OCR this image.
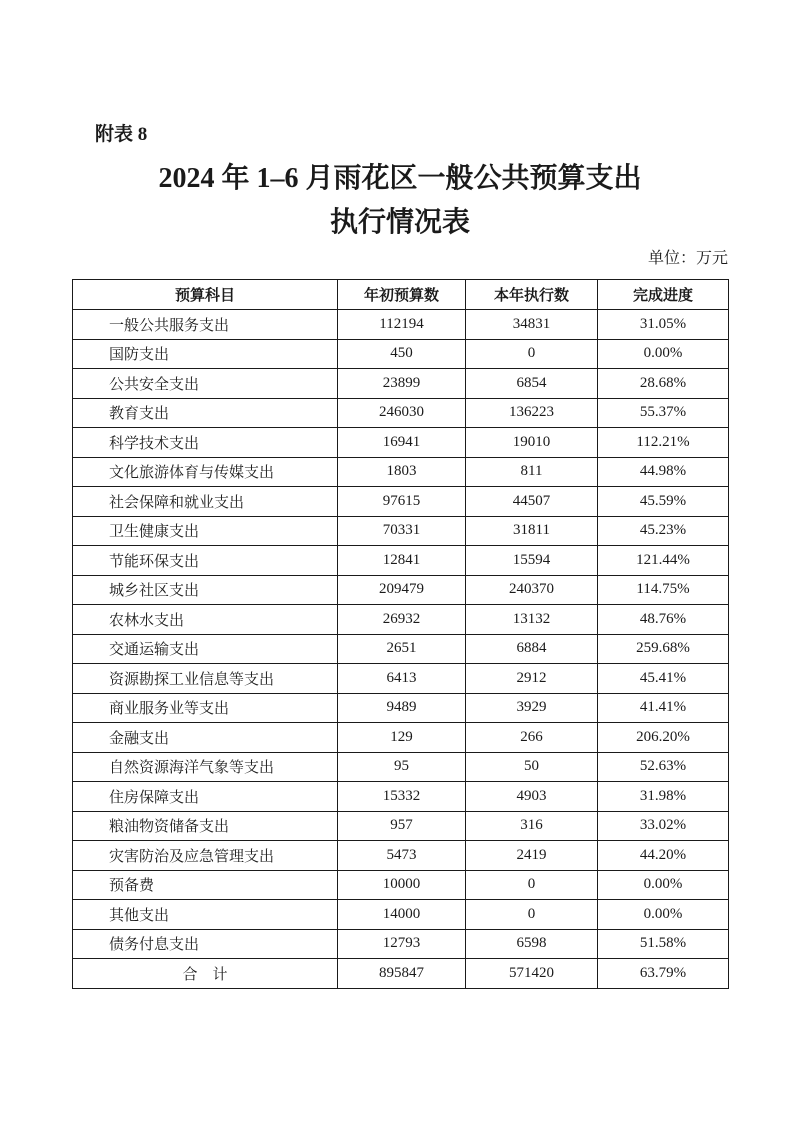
附表 8
2024 年 1–6 月雨花区一般公共预算支出
执行情况表
单位：万元
预算科目	年初预算数	本年执行数	完成进度
一般公共服务支出	112194	34831	31.05%
国防支出	450	0	0.00%
公共安全支出	23899	6854	28.68%
教育支出	246030	136223	55.37%
科学技术支出	16941	19010	112.21%
文化旅游体育与传媒支出	1803	811	44.98%
社会保障和就业支出	97615	44507	45.59%
卫生健康支出	70331	31811	45.23%
节能环保支出	12841	15594	121.44%
城乡社区支出	209479	240370	114.75%
农林水支出	26932	13132	48.76%
交通运输支出	2651	6884	259.68%
资源勘探工业信息等支出	6413	2912	45.41%
商业服务业等支出	9489	3929	41.41%
金融支出	129	266	206.20%
自然资源海洋气象等支出	95	50	52.63%
住房保障支出	15332	4903	31.98%
粮油物资储备支出	957	316	33.02%
灾害防治及应急管理支出	5473	2419	44.20%
预备费	10000	0	0.00%
其他支出	14000	0	0.00%
债务付息支出	12793	6598	51.58%
合　计	895847	571420	63.79%
